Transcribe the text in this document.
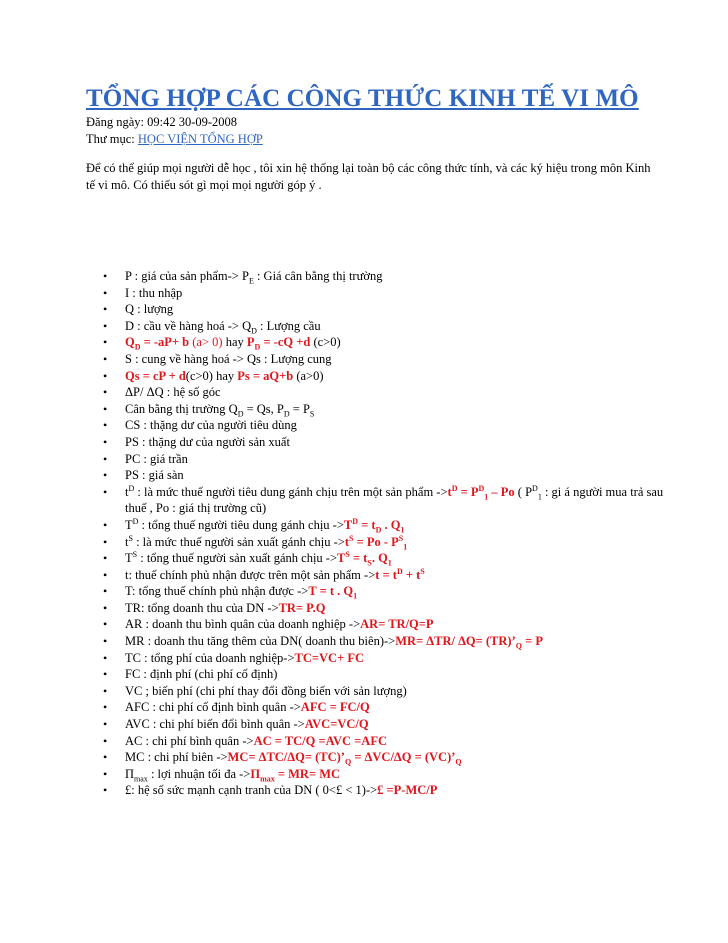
TỔNG HỢP CÁC CÔNG THỨC KINH TẾ VI MÔ
Đăng ngày: 09:42 30-09-2008
Thư mục: HỌC VIỆN TỔNG HỢP
Để có thể giúp mọi người dễ học , tôi xin hệ thống lại toàn bộ các công thức tính, và các ký hiệu trong môn Kinh tế vi mô. Có thiếu sót gì mọi mọi người góp ý .
• P : giá của sản phẩm-> $P_E$ : Giá cân bằng thị trường
• I : thu nhập
• Q : lượng
• D : cầu về hàng hoá -> $Q_D$ : Lượng cầu
• $Q_D = -aP+ b$ (a> 0) hay $P_D = -cQ +d$ (c>0)
• S : cung về hàng hoá -> Qs : Lượng cung
• Qs = cP + d(c>0) hay Ps = aQ+b (a>0)
• ΔP/ ΔQ : hệ số góc
• Cân bằng thị trường $Q_D = Qs$, $P_D = P_S$
• CS : thặng dư của người tiêu dùng
• PS : thặng dư của người sản xuất
• PC : giá trần
• PS : giá sàn
• $t^D$ : là mức thuế người tiêu dung gánh chịu trên một sản phẩm $->t^D = P^D_1 - Po$ ( $P^D_1$ : gi á người mua trả sau thuế , Po : giá thị trường cũ)
• $T^D$ : tổng thuế người tiêu dung gánh chịu $->T^D = t_D$ . $Q_1$
• $t^S$ : là mức thuế người sản xuất gánh chịu $->t^S = Po - P^S_1$
• $T^S$ : tổng thuế người sản xuất gánh chịu $->T^S = t_S$. $Q_1$
• t: thuế chính phủ nhận được trên một sản phẩm $->t = t^D + t^S$
• T: tổng thuế chính phủ nhận được ->T = t . $Q_1$
• TR: tổng doanh thu của DN ->TR= P.Q
• AR : doanh thu bình quân của doanh nghiệp ->AR= TR/Q=P
• MR : doanh thu tăng thêm của DN( doanh thu biên)->MR= ΔTR/ $\Delta Q= (TR)’_Q = P$
• TC : tổng phí của doanh nghiệp->TC=VC+ FC
• FC : định phí (chi phí cố định)
• VC ; biến phí (chi phí thay đổi đồng biến với sản lượng)
• AFC : chi phí cố định bình quân ->AFC = FC/Q
• AVC : chi phí biến đổi bình quân ->AVC=VC/Q
• AC : chi phí bình quân ->AC = TC/Q =AVC =AFC
• MC : chi phí biên $->MC= \Delta TC/\Delta Q= (TC)’_Q = \Delta VC/\Delta Q$ = $(VC)’_Q$
• $\Pi_{max}$ : lợi nhuận tối đa $->\Pi_{max} = MR=$ MC
• £: hệ số sức mạnh cạnh tranh của DN ( 0<£ < 1)->£ =P-MC/P
